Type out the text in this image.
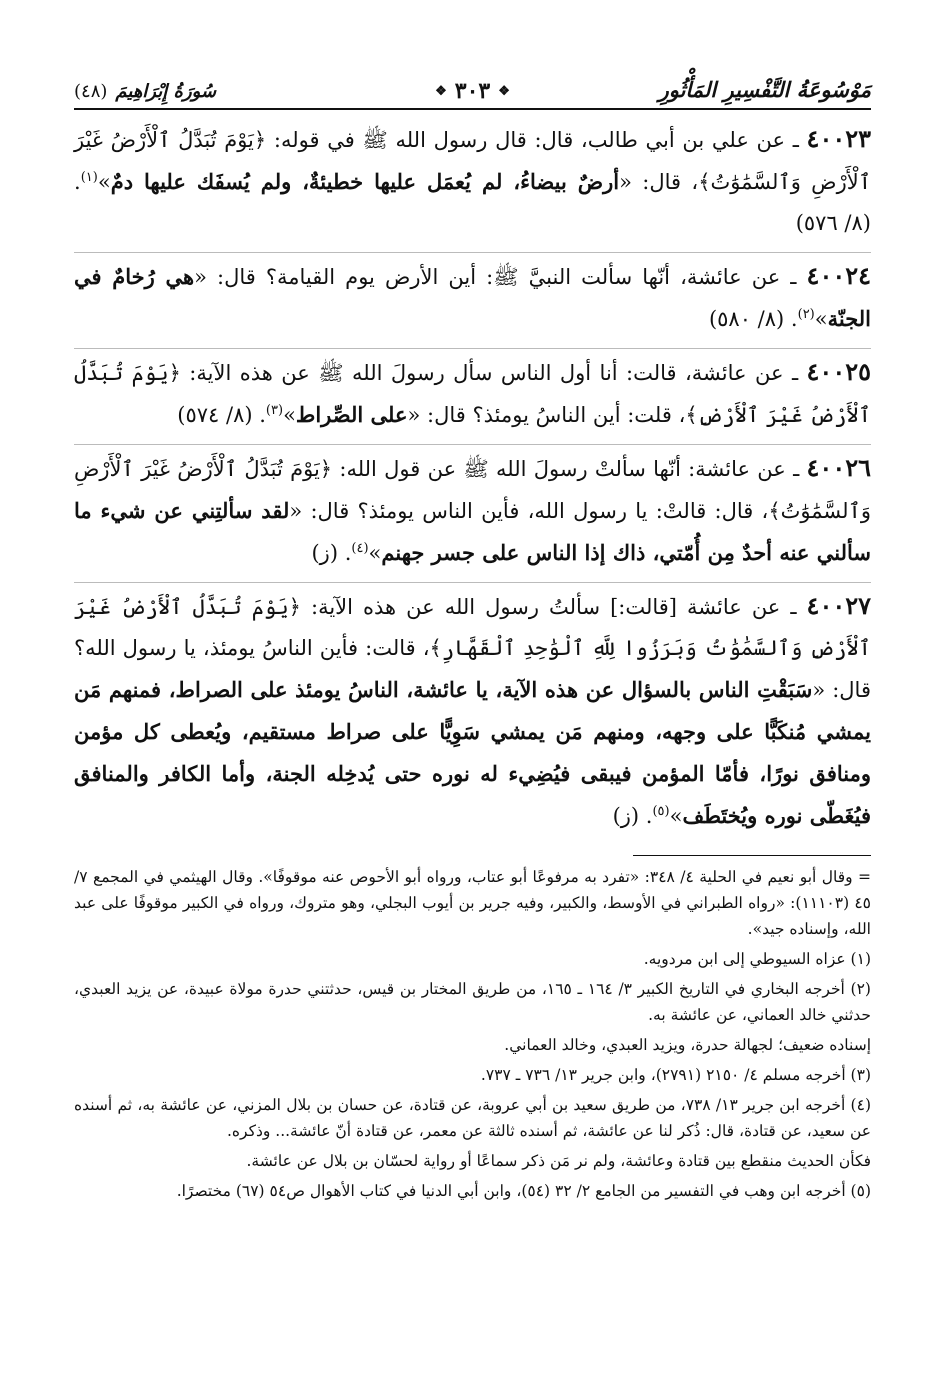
مَوْسُوعَةُ التَّفْسِيرِ المَأْثُورِ
❖
٣٠٣
❖
سُورَةُ إِبْرَاهِيمَ
(٤٨)

٤٠٠٢٣ ـ عن علي بن أبي طالب، قال: قال رسول الله ﷺ في قوله: ﴿يَوْمَ تُبَدَّلُ ٱلْأَرْضُ غَيْرَ ٱلْأَرْضِ وَٱلسَّمَٰوَٰتُ﴾، قال: «أرضٌ بيضاءُ، لم يُعمَل عليها خطيئةٌ، ولم يُسفَك عليها دمٌ»$^{(١)}$. (٨/ ٥٧٦)

٤٠٠٢٤ ـ عن عائشة، أنّها سألت النبيَّ ﷺ: أين الأرض يوم القيامة؟ قال: «هي رُخامٌ في الجنّة»$^{(٢)}$. (٨/ ٥٨٠)

٤٠٠٢٥ ـ عن عائشة، قالت: أنا أول الناس سأل رسولَ الله ﷺ عن هذه الآية: ﴿يَوْمَ تُبَدَّلُ ٱلْأَرْضُ غَيْرَ ٱلْأَرْضِ﴾، قلت: أين الناسُ يومئذ؟ قال: «على الصِّراط»$^{(٣)}$. (٨/ ٥٧٤)

٤٠٠٢٦ ـ عن عائشة: أنّها سألتْ رسولَ الله ﷺ عن قول الله: ﴿يَوْمَ تُبَدَّلُ ٱلْأَرْضُ غَيْرَ ٱلْأَرْضِ وَٱلسَّمَٰوَٰتُ﴾، قال: قالتْ: يا رسول الله، فأين الناس يومئذ؟ قال: «لقد سألتِني عن شيء ما سألني عنه أحدٌ مِن أُمّتي، ذاك إذا الناس على جسر جهنم»$^{(٤)}$. (ز)

٤٠٠٢٧ ـ عن عائشة [قالت:] سألتُ رسول الله عن هذه الآية: ﴿يَوْمَ تُبَدَّلُ ٱلْأَرْضُ غَيْرَ ٱلْأَرْضِ وَٱلسَّمَٰوَٰتُ وَبَرَزُوا لِلَّهِ ٱلْوَٰحِدِ ٱلْقَهَّارِ﴾، قالت: فأين الناسُ يومئذ، يا رسول الله؟ قال: «سَبَقْتِ الناس بالسؤال عن هذه الآية، يا عائشة، الناسُ يومئذ على الصراط، فمنهم مَن يمشي مُنكَبًّا على وجهه، ومنهم مَن يمشي سَوِيًّا على صراط مستقيم، ويُعطى كل مؤمن ومنافق نورًا، فأمّا المؤمن فيبقى فيُضِيء له نوره حتى يُدخِله الجنة، وأما الكافر والمنافق فيُغَطّى نوره ويُختَطَف»$^{(٥)}$. (ز)

= وقال أبو نعيم في الحلية ٤/ ٣٤٨: «تفرد به مرفوعًا أبو عتاب، ورواه أبو الأحوص عنه موقوفًا». وقال الهيثمي في المجمع ٧/ ٤٥ (١١١٠٣): «رواه الطبراني في الأوسط، والكبير، وفيه جرير بن أيوب البجلي، وهو متروك، ورواه في الكبير موقوفًا على عبد الله، وإسناده جيد».

(١) عزاه السيوطي إلى ابن مردويه.

(٢) أخرجه البخاري في التاريخ الكبير ٣/ ١٦٤ ـ ١٦٥، من طريق المختار بن قيس، حدثتني حدرة مولاة عبيدة، عن يزيد العبدي، حدثني خالد العماني، عن عائشة به.

إسناده ضعيف؛ لجهالة حدرة، ويزيد العبدي، وخالد العماني.

(٣) أخرجه مسلم ٤/ ٢١٥٠ (٢٧٩١)، وابن جرير ١٣/ ٧٣٦ ـ ٧٣٧.

(٤) أخرجه ابن جرير ١٣/ ٧٣٨، من طريق سعيد بن أبي عروبة، عن قتادة، عن حسان بن بلال المزني، عن عائشة به، ثم أسنده عن سعيد، عن قتادة، قال: ذُكر لنا عن عائشة، ثم أسنده ثالثة عن معمر، عن قتادة أنّ عائشة... وذكره.

فكأن الحديث منقطع بين قتادة وعائشة، ولم نر مَن ذكر سماعًا أو رواية لحسّان بن بلال عن عائشة.

(٥) أخرجه ابن وهب في التفسير من الجامع ٢/ ٣٢ (٥٤)، وابن أبي الدنيا في كتاب الأهوال ص٥٤ (٦٧) مختصرًا.
